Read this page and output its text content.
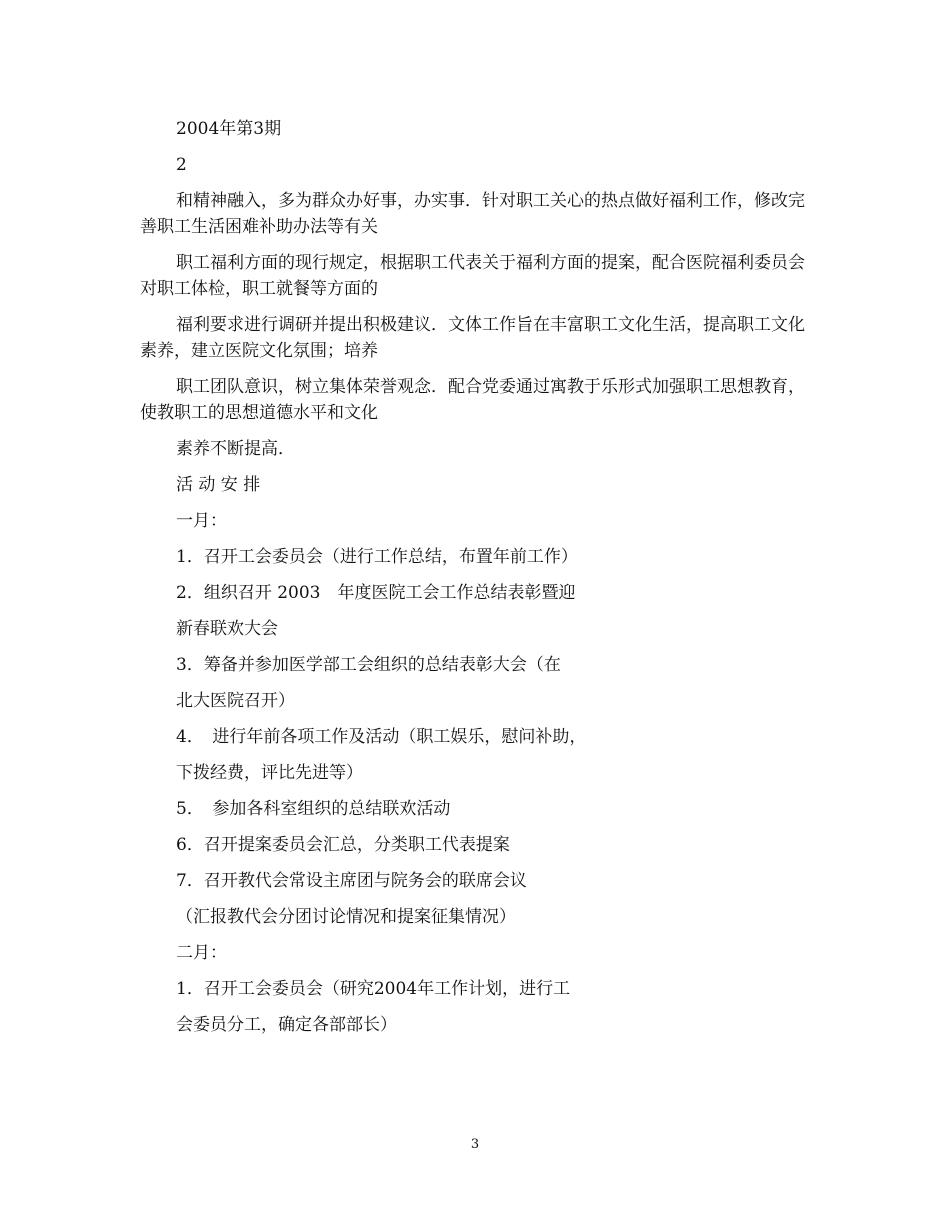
2004年第3期

2

和精神融入，多为群众办好事，办实事．针对职工关心的热点做好福利工作，修改完善职工生活困难补助办法等有关

职工福利方面的现行规定，根据职工代表关于福利方面的提案，配合医院福利委员会对职工体检，职工就餐等方面的

福利要求进行调研并提出积极建议．文体工作旨在丰富职工文化生活，提高职工文化素养，建立医院文化氛围；培养

职工团队意识，树立集体荣誉观念．配合党委通过寓教于乐形式加强职工思想教育，使教职工的思想道德水平和文化

素养不断提高．

活 动 安 排

一月：

1．召开工会委员会（进行工作总结，布置年前工作）

2．组织召开 2003　年度医院工会工作总结表彰暨迎

新春联欢大会

3．筹备并参加医学部工会组织的总结表彰大会（在

北大医院召开）

4．　进行年前各项工作及活动（职工娱乐，慰问补助，

下拨经费，评比先进等）

5．　参加各科室组织的总结联欢活动

6．召开提案委员会汇总，分类职工代表提案

7．召开教代会常设主席团与院务会的联席会议

（汇报教代会分团讨论情况和提案征集情况）

二月：

1．召开工会委员会（研究2004年工作计划，进行工

会委员分工，确定各部部长）

3
